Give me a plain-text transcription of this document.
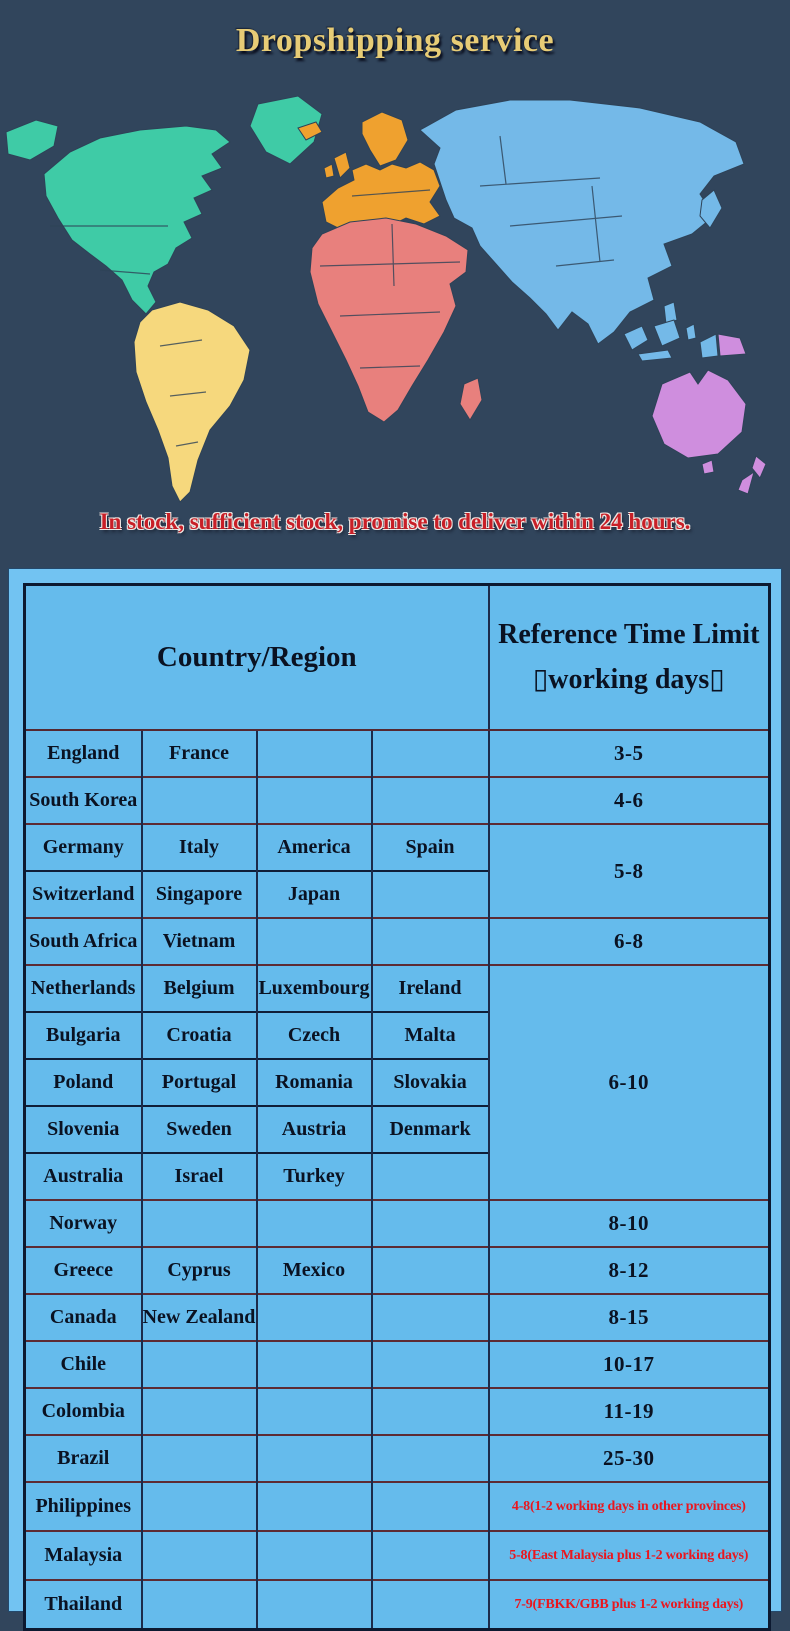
Dropshipping service
In stock, sufficient stock, promise to deliver within 24 hours.
Country/Region				Reference Time Limit
▯working days▯

England	France			3-5
South Korea				4-6
Germany	Italy	America	Spain	5-8
Switzerland	Singapore	Japan		
South Africa	Vietnam			6-8
Netherlands	Belgium	Luxembourg	Ireland	6-10
Bulgaria	Croatia	Czech	Malta	
Poland	Portugal	Romania	Slovakia	
Slovenia	Sweden	Austria	Denmark	
Australia	Israel	Turkey		
Norway				8-10
Greece	Cyprus	Mexico		8-12
Canada	New Zealand			8-15
Chile				10-17
Colombia				11-19
Brazil				25-30
Philippines				4-8(1-2 working days in other provinces)
Malaysia				5-8(East Malaysia plus 1-2 working days)
Thailand				7-9(FBKK/GBB plus 1-2 working days)
